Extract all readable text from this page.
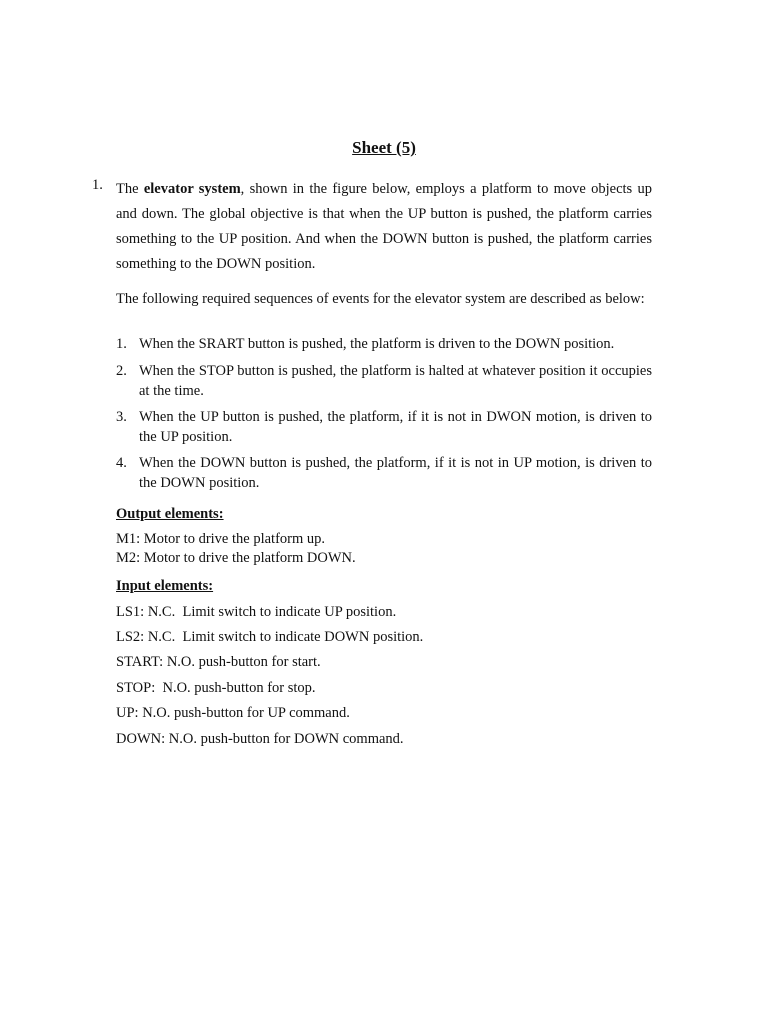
Sheet (5)
1. The elevator system, shown in the figure below, employs a platform to move objects up and down. The global objective is that when the UP button is pushed, the platform carries something to the UP position. And when the DOWN button is pushed, the platform carries something to the DOWN position.

The following required sequences of events for the elevator system are described as below:

1. When the SRART button is pushed, the platform is driven to the DOWN position.
2. When the STOP button is pushed, the platform is halted at whatever position it occupies at the time.
3. When the UP button is pushed, the platform, if it is not in DWON motion, is driven to the UP position.
4. When the DOWN button is pushed, the platform, if it is not in UP motion, is driven to the DOWN position.
Output elements:
M1: Motor to drive the platform up.
M2: Motor to drive the platform DOWN.
Input elements:
LS1: N.C.  Limit switch to indicate UP position.
LS2: N.C.  Limit switch to indicate DOWN position.
START: N.O. push-button for start.
STOP:  N.O. push-button for stop.
UP: N.O. push-button for UP command.
DOWN: N.O. push-button for DOWN command.
